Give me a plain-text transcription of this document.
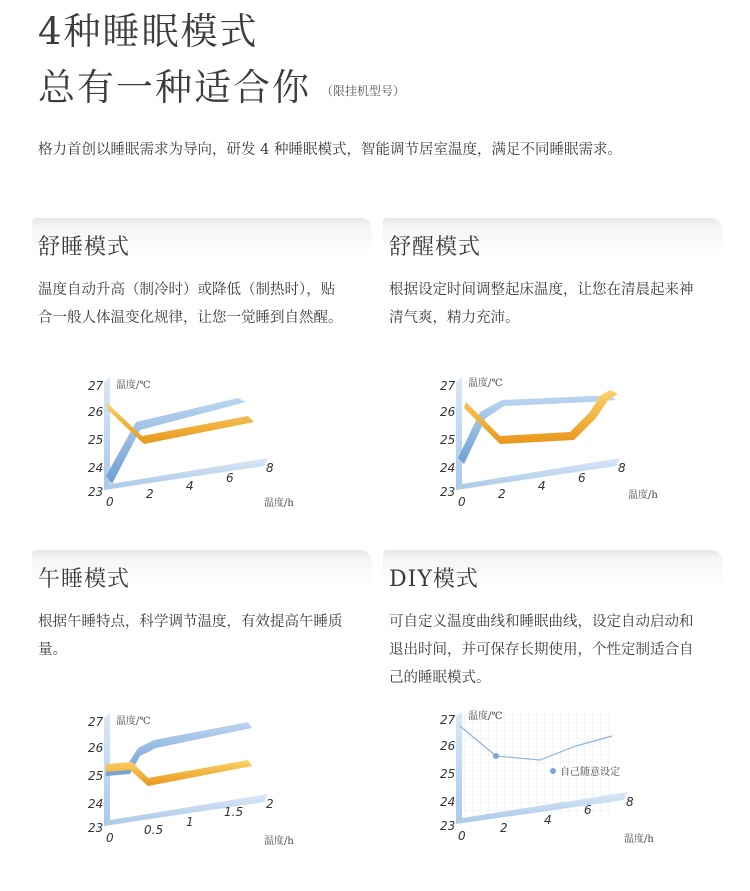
4种睡眠模式
总有一种适合你 （限挂机型号）
格力首创以睡眠需求为导向，研发 4 种睡眠模式，智能调节居室温度，满足不同睡眠需求。
舒睡模式
温度自动升高（制冷时）或降低（制热时），贴合一般人体温变化规律，让您一觉睡到自然醒。
舒醒模式
根据设定时间调整起床温度，让您在清晨起来神清气爽，精力充沛。
午睡模式
根据午睡特点，科学调节温度，有效提高午睡质量。
DIY模式
可自定义温度曲线和睡眠曲线，设定自动启动和退出时间，并可保存长期使用，个性定制适合自己的睡眠模式。
27
26
25
24
23
0
2
4
6
8
温度/℃
温度/h
27
26
25
24
23
0
2
4
6
8
温度/℃
温度/h
27
26
25
24
23
0
0.5
1
1.5
2
温度/℃
温度/h
自己随意设定
27
26
25
24
23
0
2
4
6
8
温度/℃
温度/h
